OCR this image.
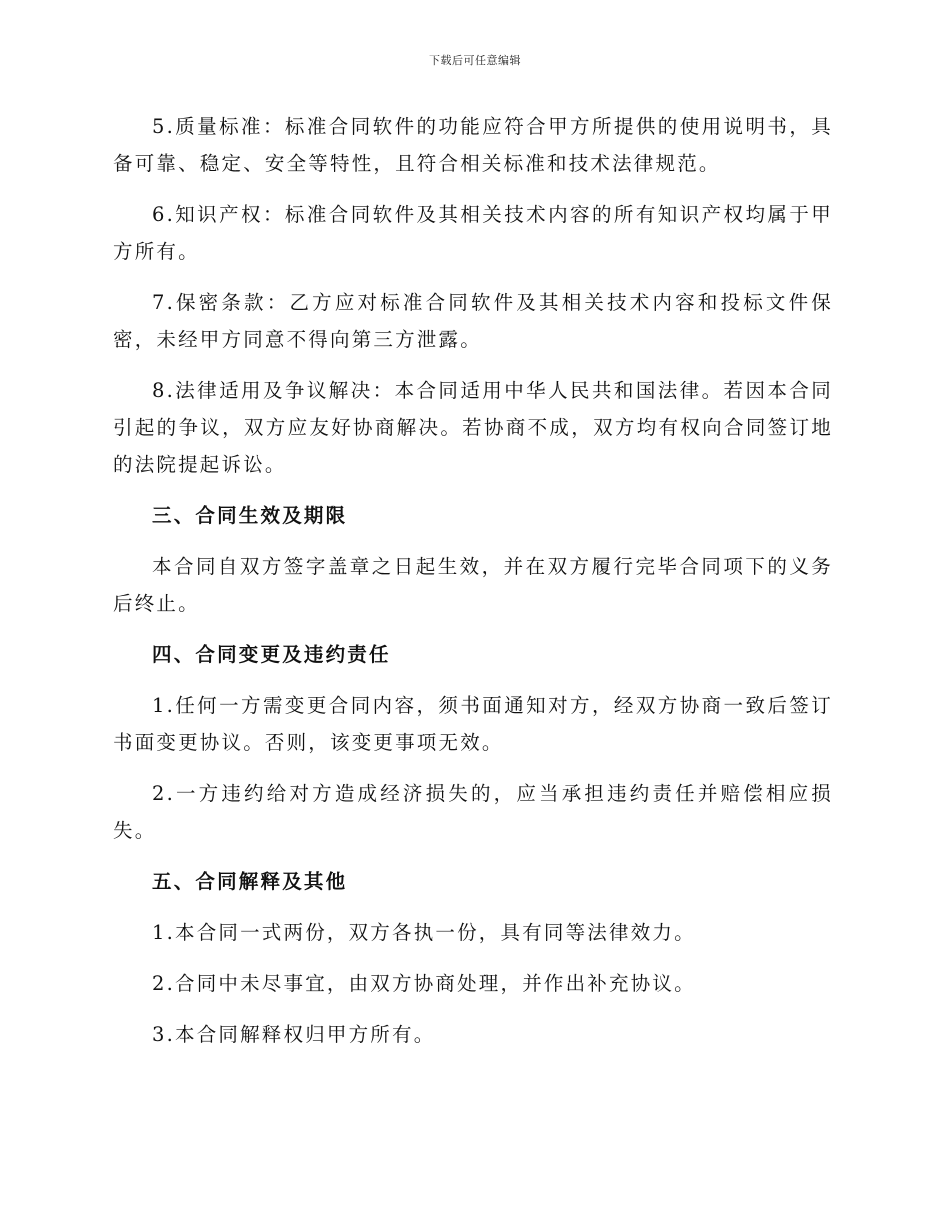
下载后可任意编辑

5.质量标准：标准合同软件的功能应符合甲方所提供的使用说明书，具备可靠、稳定、安全等特性，且符合相关标准和技术法律规范。

6.知识产权：标准合同软件及其相关技术内容的所有知识产权均属于甲方所有。

7.保密条款：乙方应对标准合同软件及其相关技术内容和投标文件保密，未经甲方同意不得向第三方泄露。

8.法律适用及争议解决：本合同适用中华人民共和国法律。若因本合同引起的争议，双方应友好协商解决。若协商不成，双方均有权向合同签订地的法院提起诉讼。

三、合同生效及期限

本合同自双方签字盖章之日起生效，并在双方履行完毕合同项下的义务后终止。

四、合同变更及违约责任

1.任何一方需变更合同内容，须书面通知对方，经双方协商一致后签订书面变更协议。否则，该变更事项无效。

2.一方违约给对方造成经济损失的，应当承担违约责任并赔偿相应损失。

五、合同解释及其他

1.本合同一式两份，双方各执一份，具有同等法律效力。

2.合同中未尽事宜，由双方协商处理，并作出补充协议。

3.本合同解释权归甲方所有。
